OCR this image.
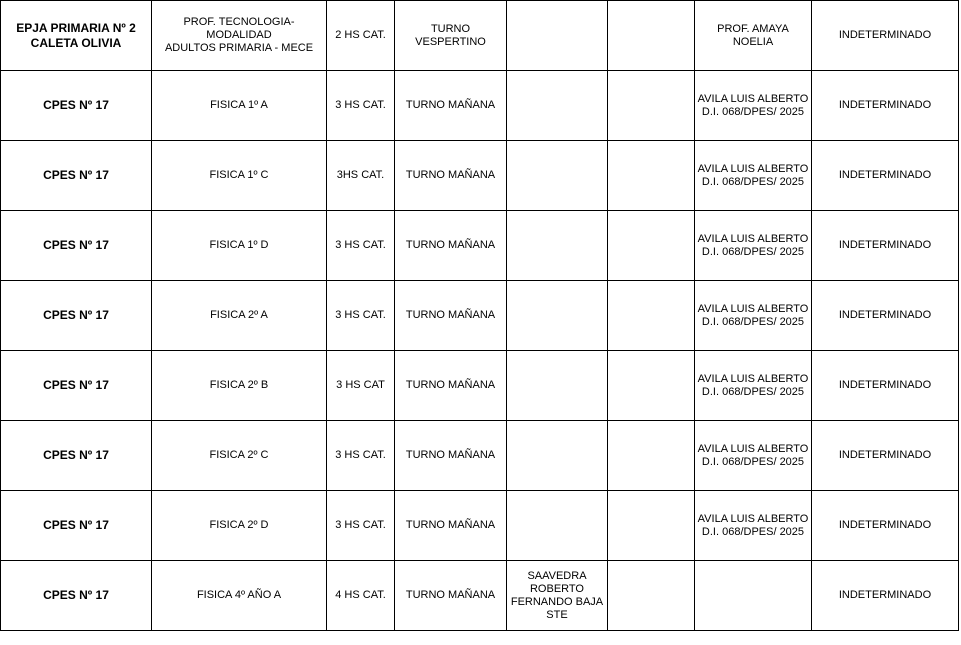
EPJA PRIMARIA Nº 2
CALETA OLIVIA	PROF. TECNOLOGIA- MODALIDAD
ADULTOS PRIMARIA - MECE	2 HS CAT.	TURNO VESPERTINO			PROF. AMAYA NOELIA	INDETERMINADO
CPES Nº 17	FISICA 1º A	3 HS CAT.	TURNO MAÑANA			AVILA LUIS ALBERTO
D.I. 068/DPES/ 2025	INDETERMINADO
CPES Nº 17	FISICA 1º C	3HS CAT.	TURNO MAÑANA			AVILA LUIS ALBERTO
D.I. 068/DPES/ 2025	INDETERMINADO
CPES Nº 17	FISICA 1º D	3 HS CAT.	TURNO MAÑANA			AVILA LUIS ALBERTO
D.I. 068/DPES/ 2025	INDETERMINADO
CPES Nº 17	FISICA 2º A	3 HS CAT.	TURNO MAÑANA			AVILA LUIS ALBERTO
D.I. 068/DPES/ 2025	INDETERMINADO
CPES Nº 17	FISICA 2º B	3 HS CAT	TURNO MAÑANA			AVILA LUIS ALBERTO
D.I. 068/DPES/ 2025	INDETERMINADO
CPES Nº 17	FISICA 2º C	3 HS CAT.	TURNO MAÑANA			AVILA LUIS ALBERTO
D.I. 068/DPES/ 2025	INDETERMINADO
CPES Nº 17	FISICA 2º D	3 HS CAT.	TURNO MAÑANA			AVILA LUIS ALBERTO
D.I. 068/DPES/ 2025	INDETERMINADO
CPES Nº 17	FISICA 4º AÑO A	4 HS CAT.	TURNO MAÑANA	SAAVEDRA
ROBERTO
FERNANDO BAJA
STE			INDETERMINADO
